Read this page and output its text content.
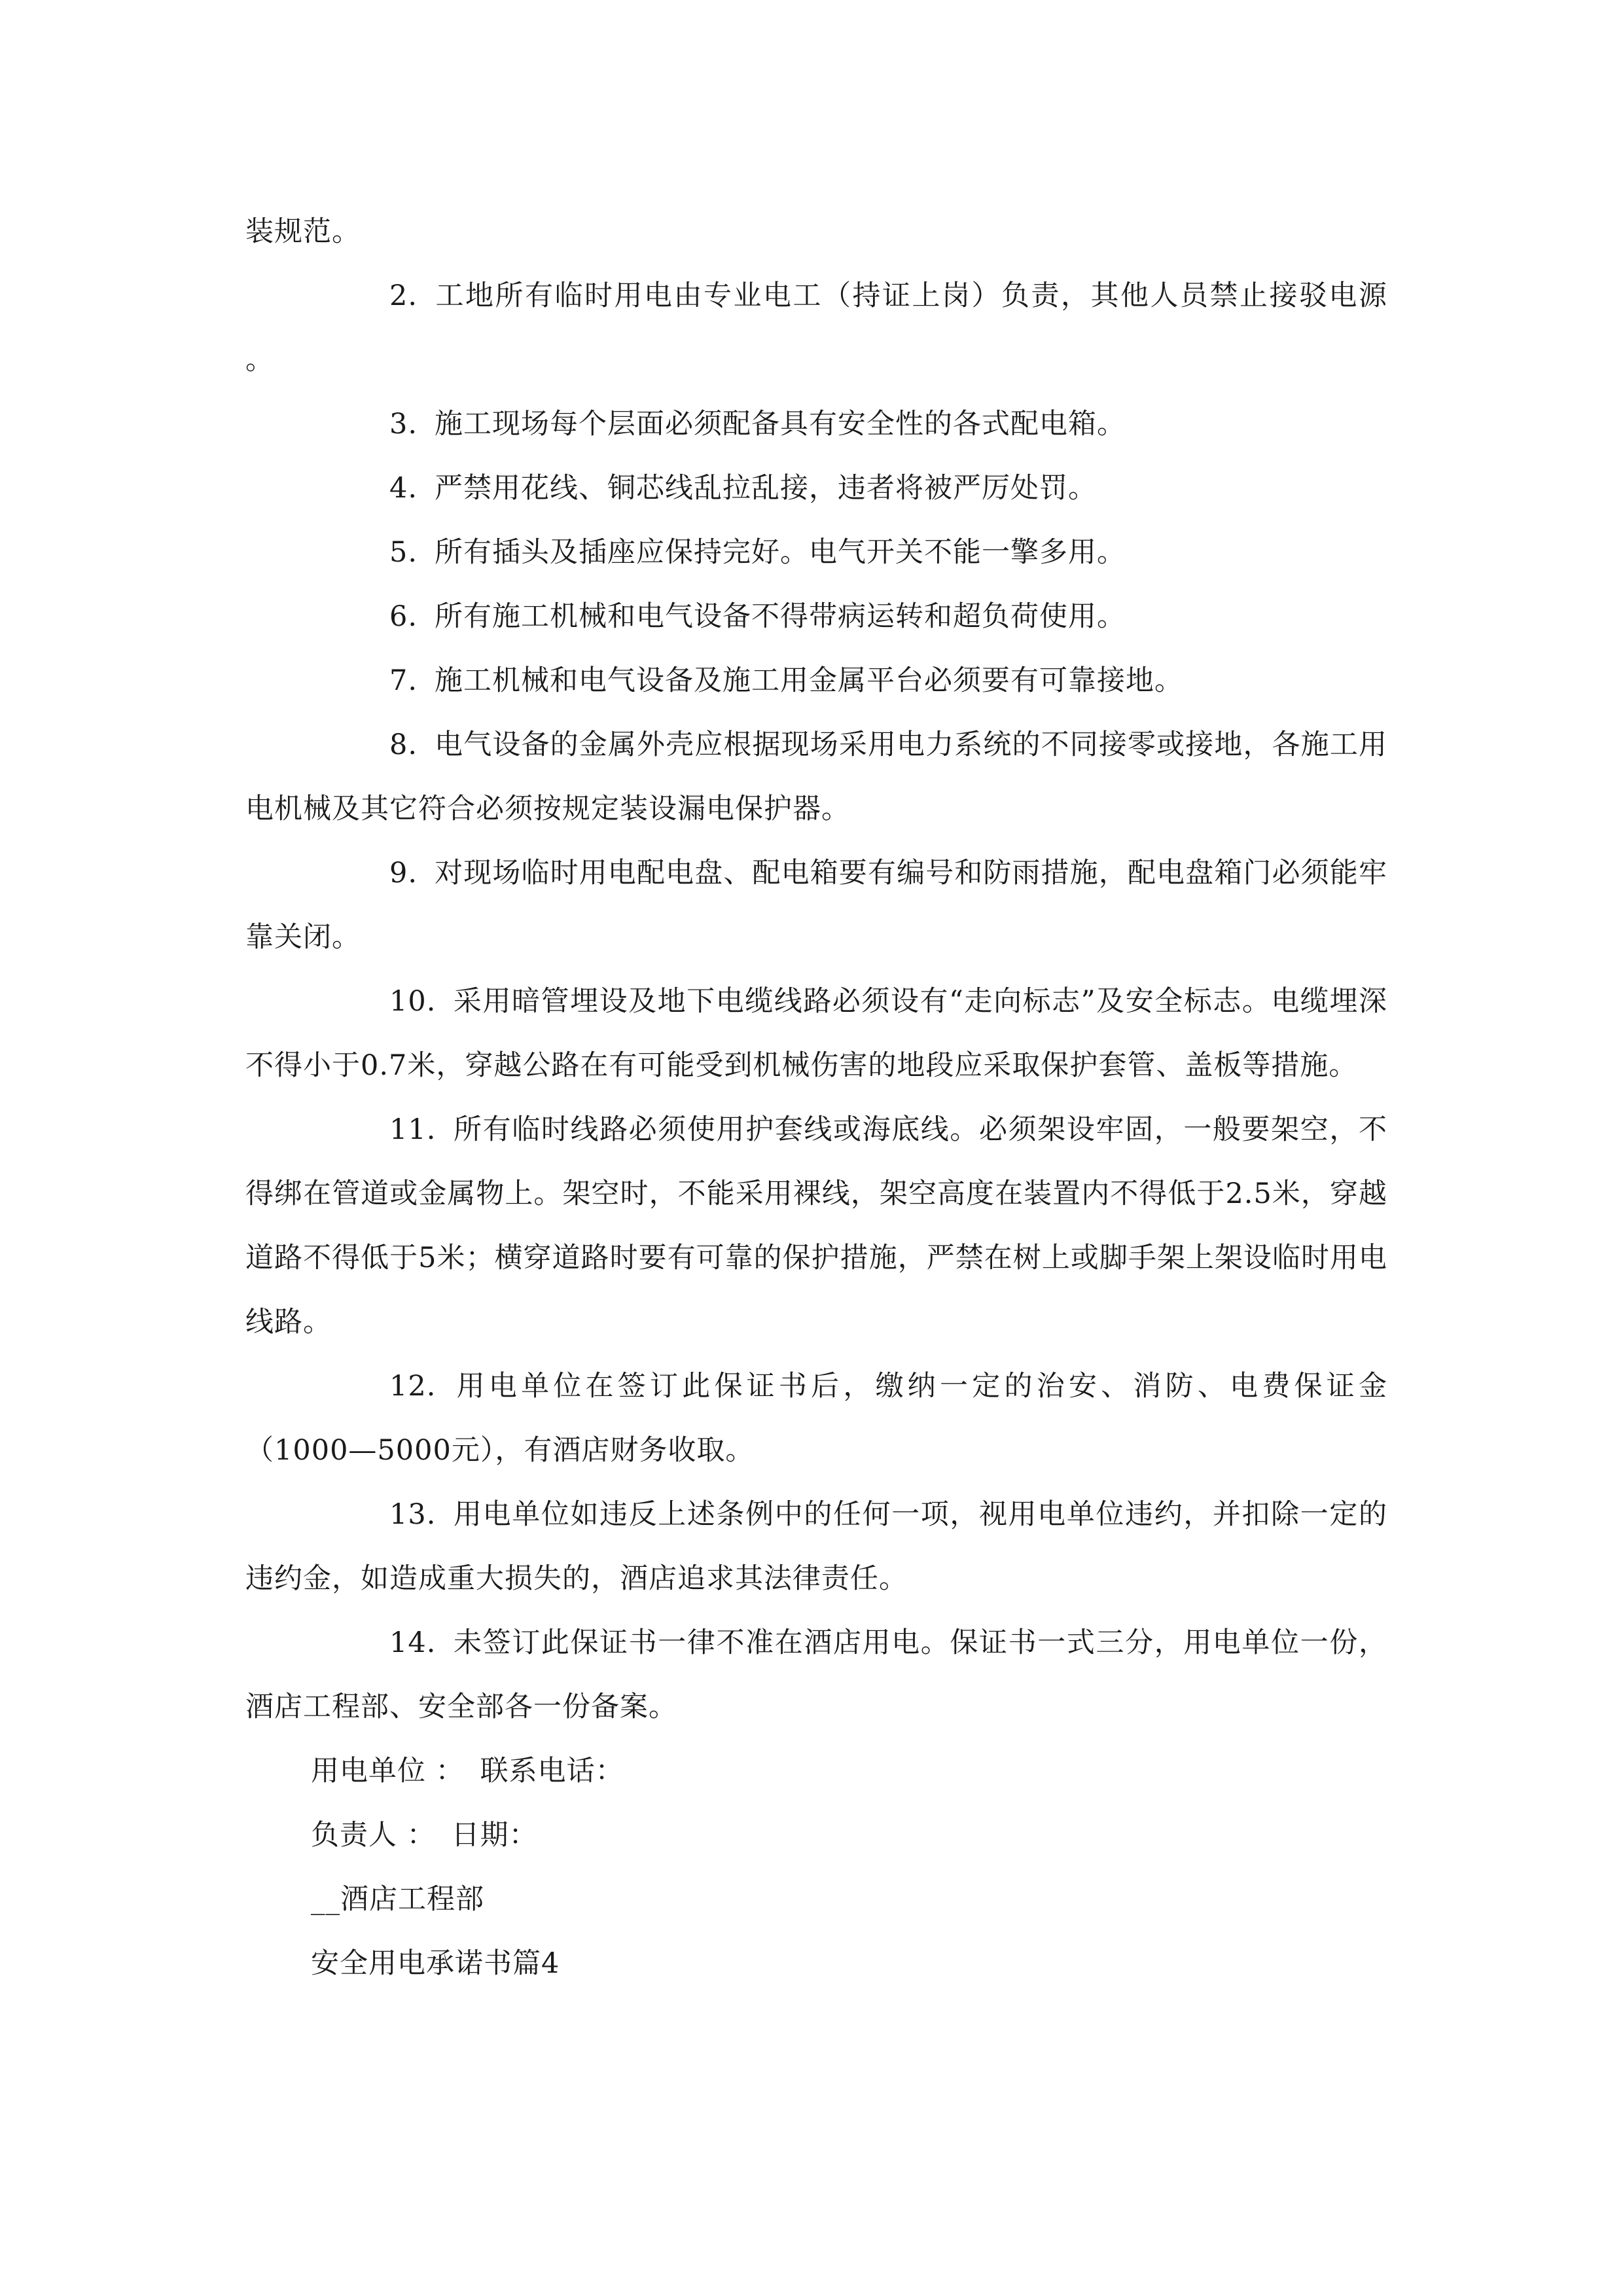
装规范。

2. 工地所有临时用电由专业电工（持证上岗）负责，其他人员禁止接驳电源 。

3. 施工现场每个层面必须配备具有安全性的各式配电箱。

4. 严禁用花线、铜芯线乱拉乱接，违者将被严厉处罚。

5. 所有插头及插座应保持完好。电气开关不能一擎多用。

6. 所有施工机械和电气设备不得带病运转和超负荷使用。

7. 施工机械和电气设备及施工用金属平台必须要有可靠接地。

8. 电气设备的金属外壳应根据现场采用电力系统的不同接零或接地，各施工用电机械及其它符合必须按规定装设漏电保护器。

9. 对现场临时用电配电盘、配电箱要有编号和防雨措施，配电盘箱门必须能牢靠关闭。

10. 采用暗管埋设及地下电缆线路必须设有“走向标志”及安全标志。电缆埋深不得小于0.7米，穿越公路在有可能受到机械伤害的地段应采取保护套管、盖板等措施。

11. 所有临时线路必须使用护套线或海底线。必须架设牢固，一般要架空，不得绑在管道或金属物上。架空时，不能采用裸线，架空高度在装置内不得低于2.5米，穿越道路不得低于5米；横穿道路时要有可靠的保护措施，严禁在树上或脚手架上架设临时用电线路。

12. 用电单位在签订此保证书后，缴纳一定的治安、消防、电费保证金（1000—5000元），有酒店财务收取。

13. 用电单位如违反上述条例中的任何一项，视用电单位违约，并扣除一定的违约金，如造成重大损失的，酒店追求其法律责任。

14. 未签订此保证书一律不准在酒店用电。保证书一式三分，用电单位一份，酒店工程部、安全部各一份备案。

用电单位 ： 联系电话：

负责人 ： 日期：

__酒店工程部

安全用电承诺书篇4
